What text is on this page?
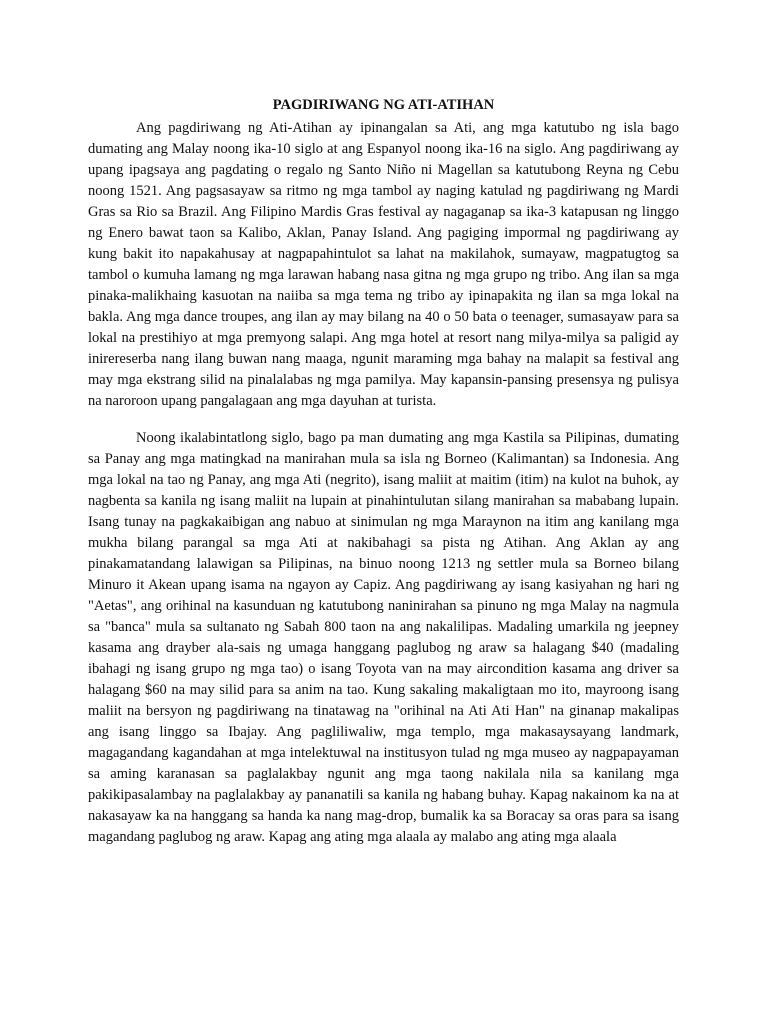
PAGDIRIWANG NG ATI-ATIHAN

Ang pagdiriwang ng Ati-Atihan ay ipinangalan sa Ati, ang mga katutubo ng isla bago dumating ang Malay noong ika-10 siglo at ang Espanyol noong ika-16 na siglo. Ang pagdiriwang ay upang ipagsaya ang pagdating o regalo ng Santo Niño ni Magellan sa katutubong Reyna ng Cebu noong 1521. Ang pagsasayaw sa ritmo ng mga tambol ay naging katulad ng pagdiriwang ng Mardi Gras sa Rio sa Brazil. Ang Filipino Mardis Gras festival ay nagaganap sa ika-3 katapusan ng linggo ng Enero bawat taon sa Kalibo, Aklan, Panay Island. Ang pagiging impormal ng pagdiriwang ay kung bakit ito napakahusay at nagpapahintulot sa lahat na makilahok, sumayaw, magpatugtog sa tambol o kumuha lamang ng mga larawan habang nasa gitna ng mga grupo ng tribo. Ang ilan sa mga pinaka-malikhaing kasuotan na naiiba sa mga tema ng tribo ay ipinapakita ng ilan sa mga lokal na bakla. Ang mga dance troupes, ang ilan ay may bilang na 40 o 50 bata o teenager, sumasayaw para sa lokal na prestihiyo at mga premyong salapi. Ang mga hotel at resort nang milya-milya sa paligid ay inirereserba nang ilang buwan nang maaga, ngunit maraming mga bahay na malapit sa festival ang may mga ekstrang silid na pinalalabas ng mga pamilya. May kapansin-pansing presensya ng pulisya na naroroon upang pangalagaan ang mga dayuhan at turista.

Noong ikalabintatlong siglo, bago pa man dumating ang mga Kastila sa Pilipinas, dumating sa Panay ang mga matingkad na manirahan mula sa isla ng Borneo (Kalimantan) sa Indonesia. Ang mga lokal na tao ng Panay, ang mga Ati (negrito), isang maliit at maitim (itim) na kulot na buhok, ay nagbenta sa kanila ng isang maliit na lupain at pinahintulutan silang manirahan sa mababang lupain. Isang tunay na pagkakaibigan ang nabuo at sinimulan ng mga Maraynon na itim ang kanilang mga mukha bilang parangal sa mga Ati at nakibahagi sa pista ng Atihan. Ang Aklan ay ang pinakamatandang lalawigan sa Pilipinas, na binuo noong 1213 ng settler mula sa Borneo bilang Minuro it Akean upang isama na ngayon ay Capiz. Ang pagdiriwang ay isang kasiyahan ng hari ng "Aetas", ang orihinal na kasunduan ng katutubong naninirahan sa pinuno ng mga Malay na nagmula sa "banca" mula sa sultanato ng Sabah 800 taon na ang nakalilipas. Madaling umarkila ng jeepney kasama ang drayber ala-sais ng umaga hanggang paglubog ng araw sa halagang $40 (madaling ibahagi ng isang grupo ng mga tao) o isang Toyota van na may aircondition kasama ang driver sa halagang $60 na may silid para sa anim na tao. Kung sakaling makaligtaan mo ito, mayroong isang maliit na bersyon ng pagdiriwang na tinatawag na "orihinal na Ati Ati Han" na ginanap makalipas ang isang linggo sa Ibajay. Ang pagliliwaliw, mga templo, mga makasaysayang landmark, magagandang kagandahan at mga intelektuwal na institusyon tulad ng mga museo ay nagpapayaman sa aming karanasan sa paglalakbay ngunit ang mga taong nakilala nila sa kanilang mga pakikipasalambay na paglalakbay ay pananatili sa kanila ng habang buhay. Kapag nakainom ka na at nakasayaw ka na hanggang sa handa ka nang mag-drop, bumalik ka sa Boracay sa oras para sa isang magandang paglubog ng araw. Kapag ang ating mga alaala ay malabo ang ating mga alaala
